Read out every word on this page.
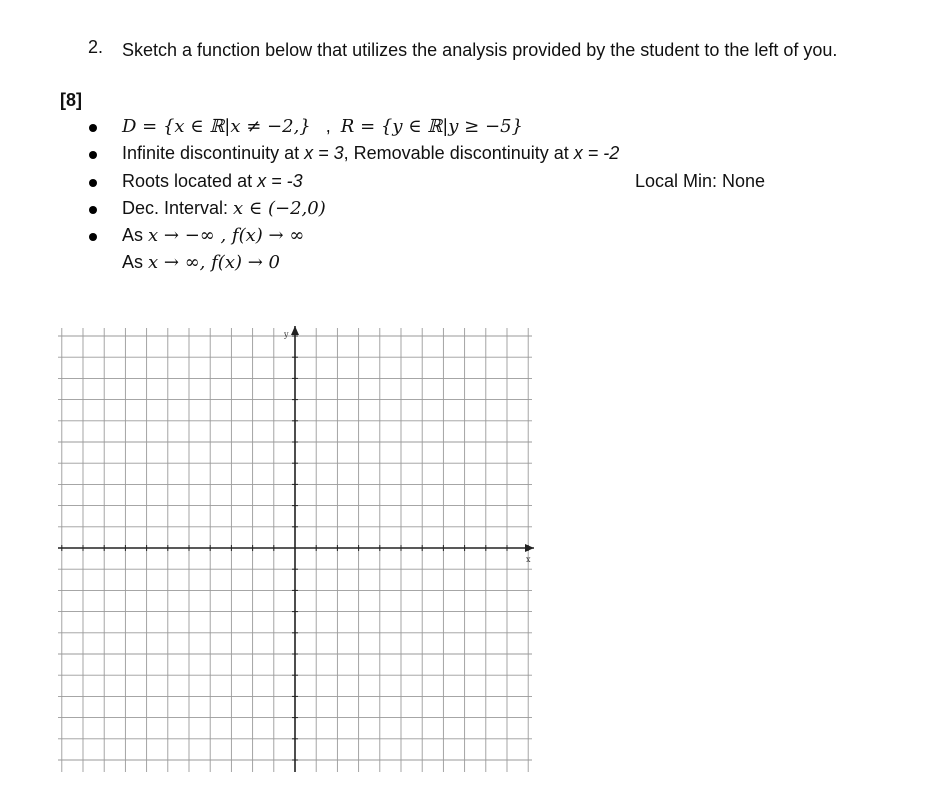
2. Sketch a function below that utilizes the analysis provided by the student to the left of you.
[8]
D = {x ∈ ℝ|x ≠ −2,} , R = {y ∈ ℝ|y ≥ −5}
Infinite discontinuity at x = 3, Removable discontinuity at x = -2
Roots located at x = -3	Local Min: None
Dec. Interval: x ∈ (−2,0)
As x → −∞ , f(x) → ∞
As x → ∞, f(x) → 0
y
x
